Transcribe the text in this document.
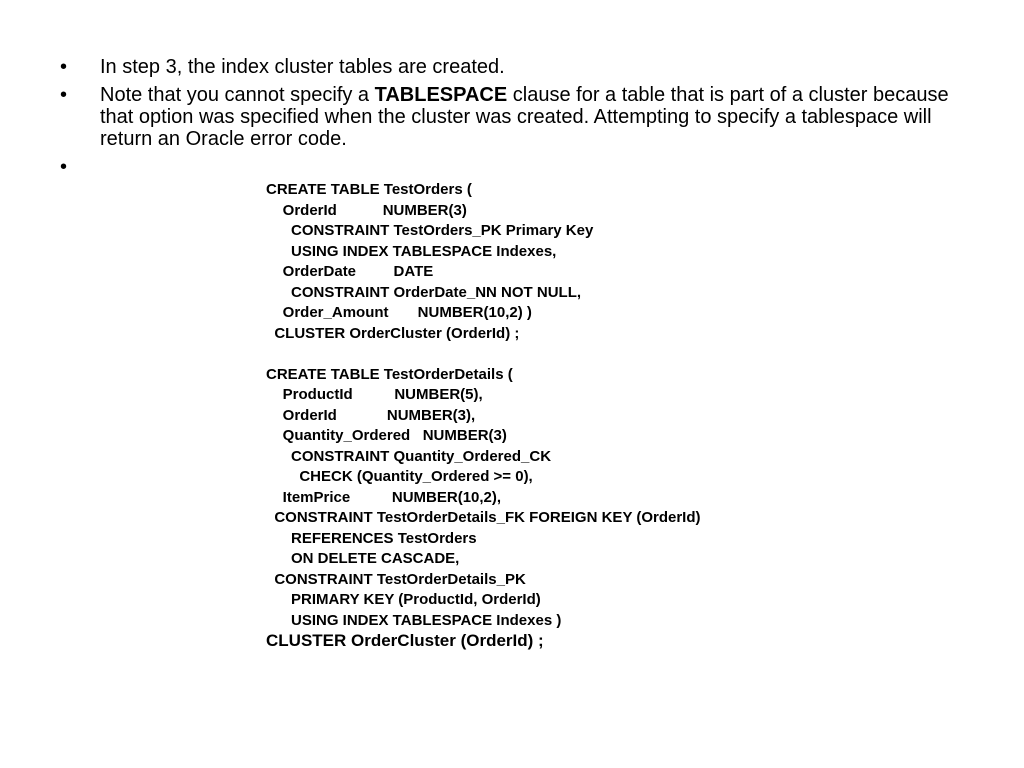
•	In step 3, the index cluster tables are created.
•	Note that you cannot specify a TABLESPACE clause for a table that is part of a cluster because that option was specified when the cluster was created. Attempting to specify a tablespace will return an Oracle error code.
•
CREATE TABLE TestOrders (
OrderId           NUMBER(3)
CONSTRAINT TestOrders_PK Primary Key
USING INDEX TABLESPACE Indexes,
OrderDate         DATE
CONSTRAINT OrderDate_NN NOT NULL,
Order_Amount       NUMBER(10,2) )
CLUSTER OrderCluster (OrderId) ;
CREATE TABLE TestOrderDetails (
ProductId          NUMBER(5),
OrderId            NUMBER(3),
Quantity_Ordered   NUMBER(3)
CONSTRAINT Quantity_Ordered_CK
CHECK (Quantity_Ordered >= 0),
ItemPrice          NUMBER(10,2),
CONSTRAINT TestOrderDetails_FK FOREIGN KEY (OrderId)
REFERENCES TestOrders
ON DELETE CASCADE,
CONSTRAINT TestOrderDetails_PK
PRIMARY KEY (ProductId, OrderId)
USING INDEX TABLESPACE Indexes )
CLUSTER OrderCluster (OrderId) ;
